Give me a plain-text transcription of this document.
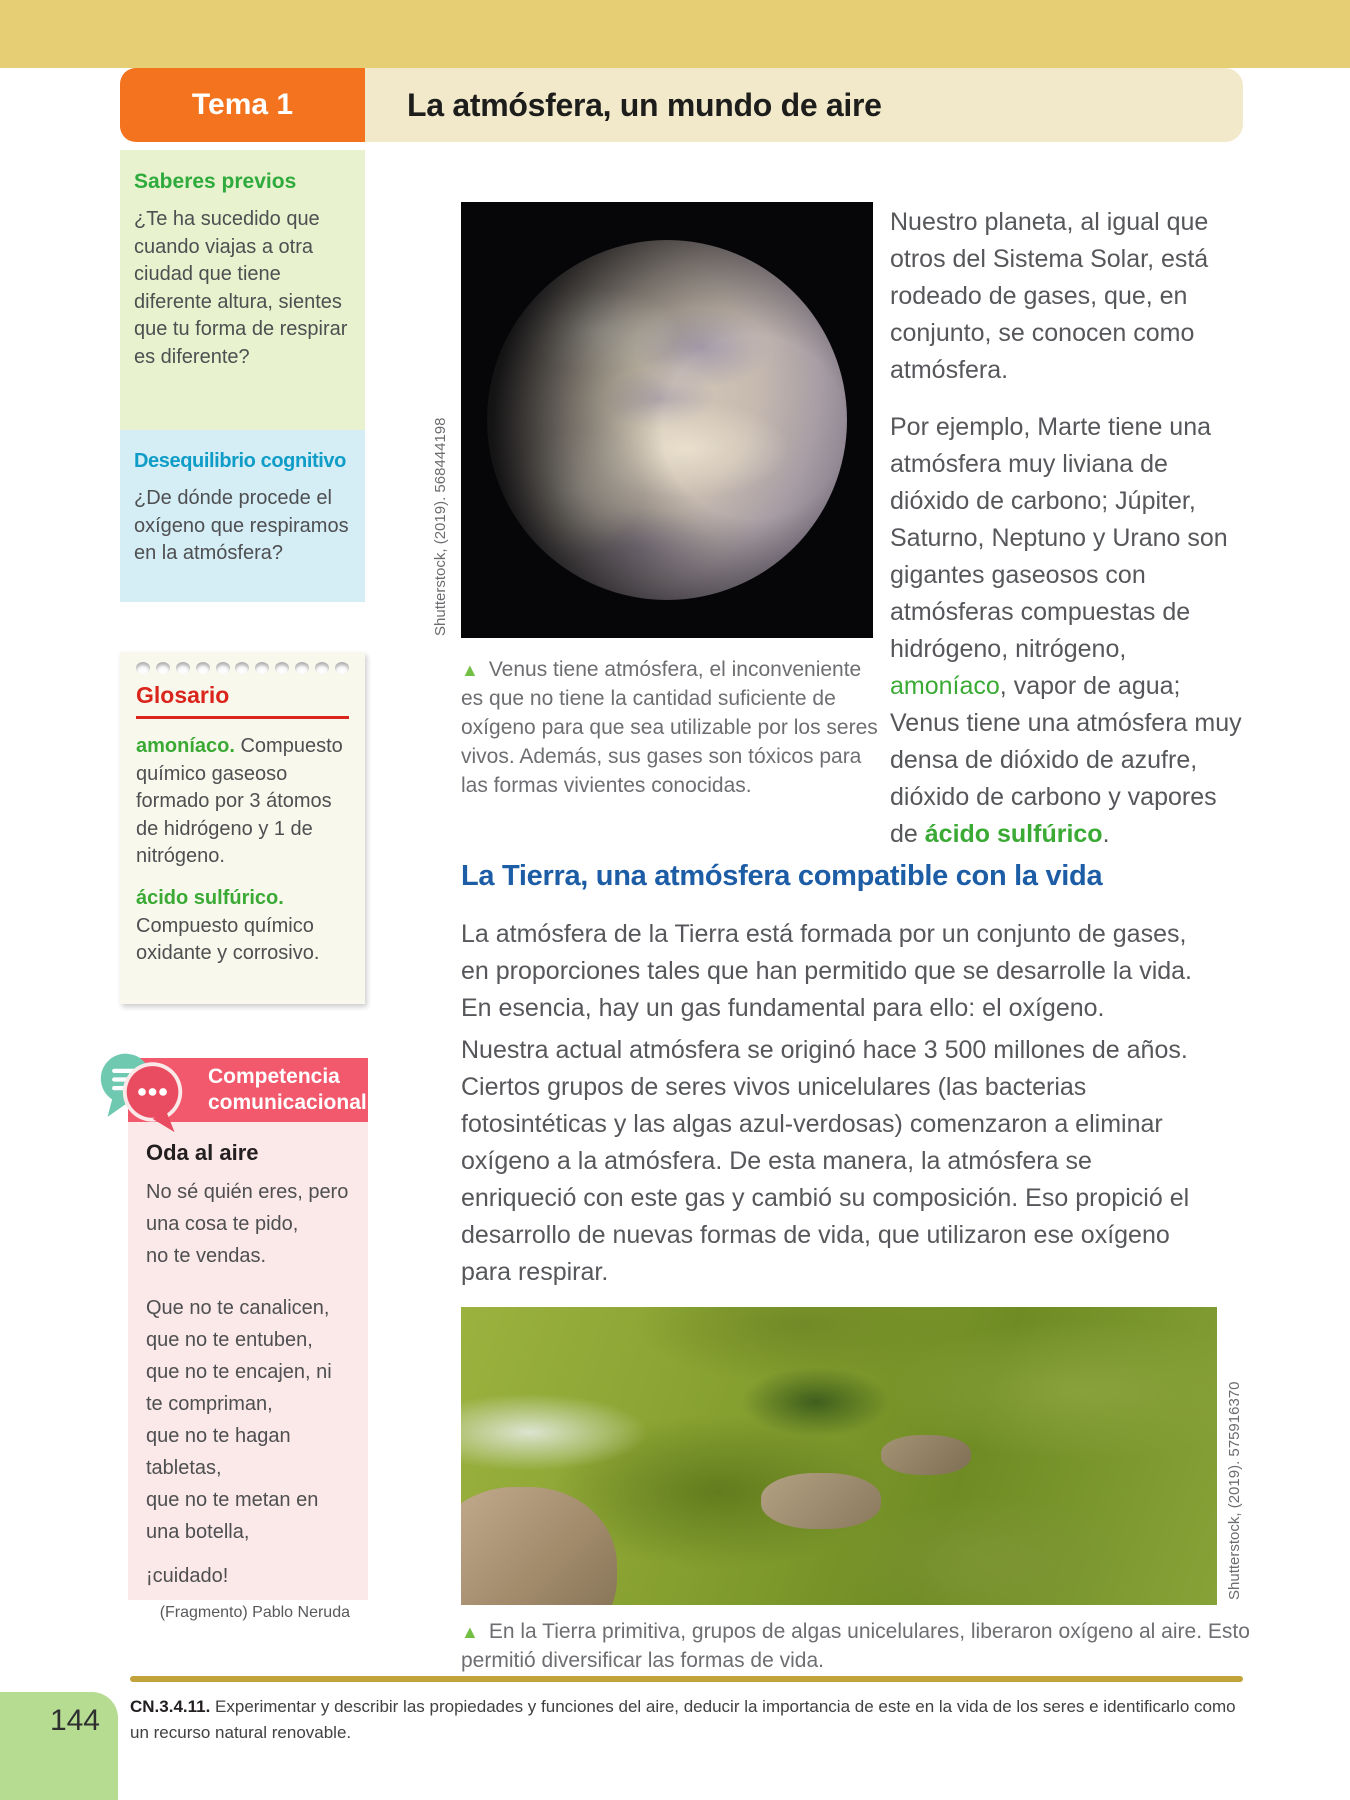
Tema 1	La atmósfera, un mundo de aire
Saberes previos
¿Te ha sucedido que cuando viajas a otra ciudad que tiene diferente altura, sientes que tu forma de respirar es diferente?
Desequilibrio cognitivo
¿De dónde procede el oxígeno que respiramos en la atmósfera?
Glosario
amoníaco. Compuesto químico gaseoso formado por 3 átomos de hidrógeno y 1 de nitrógeno.
ácido sulfúrico. Compuesto químico oxidante y corrosivo.
Competencia
comunicacional
Oda al aire
No sé quién eres, pero
una cosa te pido,
no te vendas.
Que no te canalicen,
que no te entuben,
que no te encajen, ni te compriman,
que no te hagan tabletas,
que no te metan en una botella,
¡cuidado!
(Fragmento) Pablo Neruda
Shutterstock, (2019). 568444198
▲ Venus tiene atmósfera, el inconveniente es que no tiene la cantidad suficiente de oxígeno para que sea utilizable por los seres vivos. Además, sus gases son tóxicos para las formas vivientes conocidas.

Nuestro planeta, al igual que otros del Sistema Solar, está rodeado de gases, que, en conjunto, se conocen como atmósfera.

Por ejemplo, Marte tiene una atmósfera muy liviana de dióxido de carbono; Júpiter, Saturno, Neptuno y Urano son gigantes gaseosos con atmósferas compuestas de hidrógeno, nitrógeno, amoníaco, vapor de agua; Venus tiene una atmósfera muy densa de dióxido de azufre, dióxido de carbono y vapores de ácido sulfúrico.

La Tierra, una atmósfera compatible con la vida

La atmósfera de la Tierra está formada por un conjunto de gases, en proporciones tales que han permitido que se desarrolle la vida. En esencia, hay un gas fundamental para ello: el oxígeno.

Nuestra actual atmósfera se originó hace 3 500 millones de años. Ciertos grupos de seres vivos unicelulares (las bacterias fotosintéticas y las algas azul-verdosas) comenzaron a eliminar oxígeno a la atmósfera. De esta manera, la atmósfera se enriqueció con este gas y cambió su composición. Eso propició el desarrollo de nuevas formas de vida, que utilizaron ese oxígeno para respirar.

Shutterstock, (2019). 575916370
▲ En la Tierra primitiva, grupos de algas unicelulares, liberaron oxígeno al aire. Esto permitió diversificar las formas de vida.
144	CN.3.4.11. Experimentar y describir las propiedades y funciones del aire, deducir la importancia de este en la vida de los seres e identificarlo como un recurso natural renovable.
